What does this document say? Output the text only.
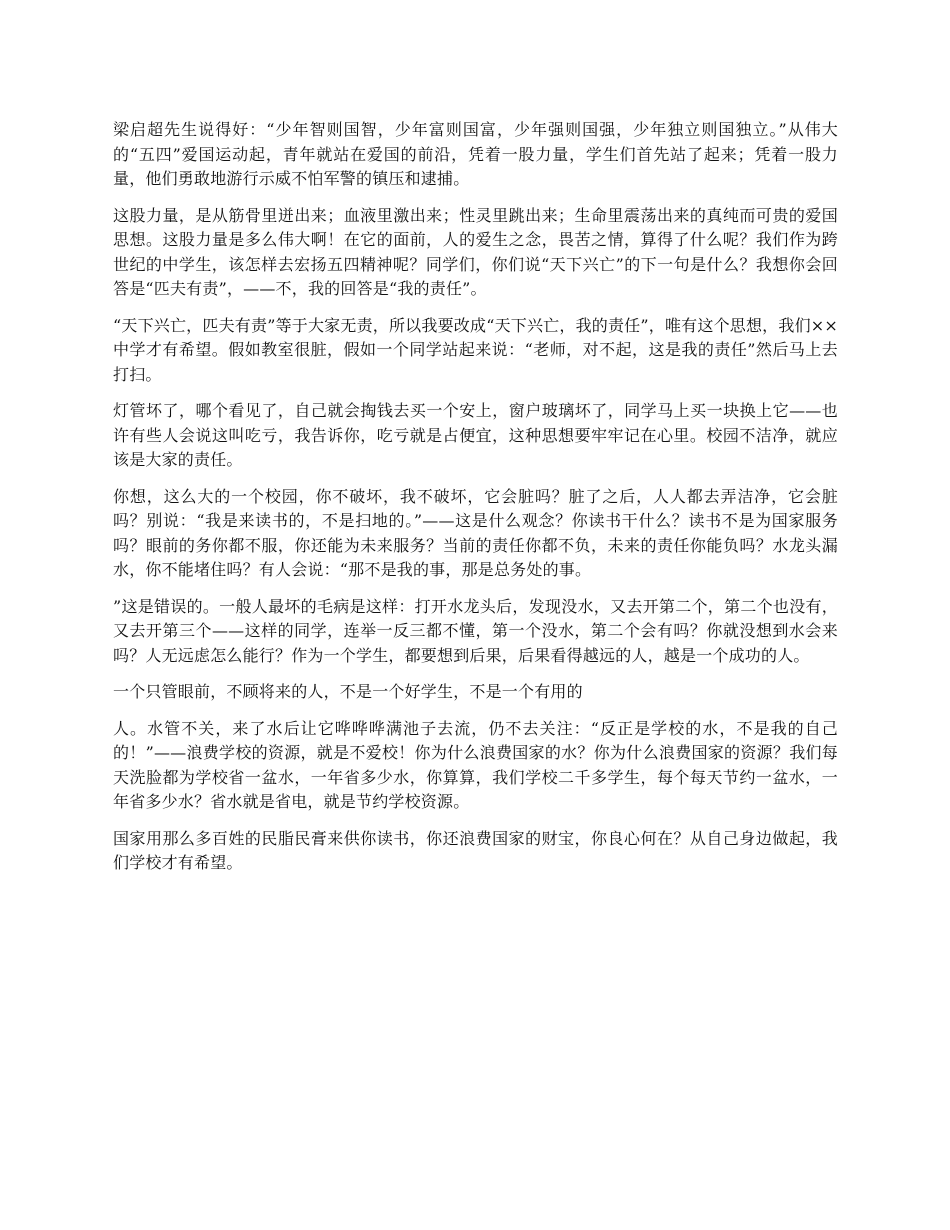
梁启超先生说得好：“少年智则国智，少年富则国富，少年强则国强，少年独立则国独立。”从伟大的“五四”爱国运动起，青年就站在爱国的前沿，凭着一股力量，学生们首先站了起来；凭着一股力量，他们勇敢地游行示威不怕军警的镇压和逮捕。

这股力量，是从筋骨里迸出来；血液里激出来；性灵里跳出来；生命里震荡出来的真纯而可贵的爱国思想。这股力量是多么伟大啊！在它的面前，人的爱生之念，畏苦之情，算得了什么呢？我们作为跨世纪的中学生，该怎样去宏扬五四精神呢？同学们，你们说“天下兴亡”的下一句是什么？我想你会回答是“匹夫有责”，——不，我的回答是“我的责任”。

“天下兴亡，匹夫有责”等于大家无责，所以我要改成“天下兴亡，我的责任”，唯有这个思想，我们××中学才有希望。假如教室很脏，假如一个同学站起来说：“老师，对不起，这是我的责任”然后马上去打扫。

灯管坏了，哪个看见了，自己就会掏钱去买一个安上，窗户玻璃坏了，同学马上买一块换上它——也许有些人会说这叫吃亏，我告诉你，吃亏就是占便宜，这种思想要牢牢记在心里。校园不洁净，就应该是大家的责任。

你想，这么大的一个校园，你不破坏，我不破坏，它会脏吗？脏了之后，人人都去弄洁净，它会脏吗？别说：“我是来读书的，不是扫地的。”——这是什么观念？你读书干什么？读书不是为国家服务吗？眼前的务你都不服，你还能为未来服务？当前的责任你都不负，未来的责任你能负吗？水龙头漏水，你不能堵住吗？有人会说：“那不是我的事，那是总务处的事。

”这是错误的。一般人最坏的毛病是这样：打开水龙头后，发现没水，又去开第二个，第二个也没有，又去开第三个——这样的同学，连举一反三都不懂，第一个没水，第二个会有吗？你就没想到水会来吗？人无远虑怎么能行？作为一个学生，都要想到后果，后果看得越远的人，越是一个成功的人。

一个只管眼前，不顾将来的人，不是一个好学生，不是一个有用的

人。水管不关，来了水后让它哗哗哗满池子去流，仍不去关注：“反正是学校的水，不是我的自己的！”——浪费学校的资源，就是不爱校！你为什么浪费国家的水？你为什么浪费国家的资源？我们每天洗脸都为学校省一盆水，一年省多少水，你算算，我们学校二千多学生，每个每天节约一盆水，一年省多少水？省水就是省电，就是节约学校资源。

国家用那么多百姓的民脂民膏来供你读书，你还浪费国家的财宝，你良心何在？从自己身边做起，我们学校才有希望。
